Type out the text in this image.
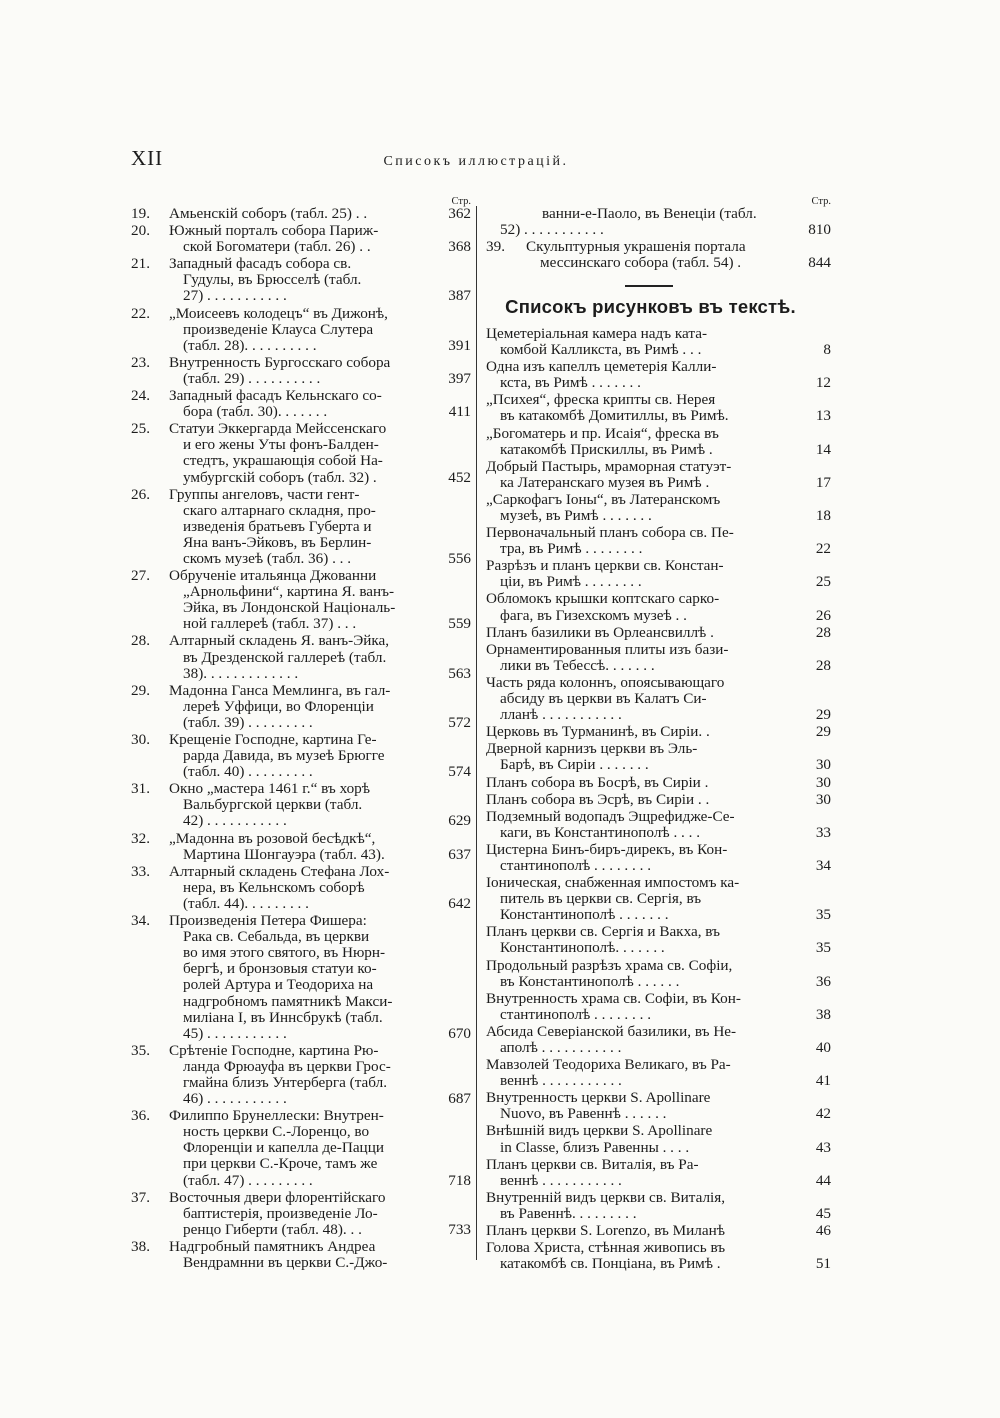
XII	Списокъ иллюстрацій.
Стр.
19.	Амьенскій соборъ (табл. 25) . .	362
20.	Южный порталъ собора Париж-
ской Богоматери (табл. 26) . .	368
21.	Западный фасадъ собора св.
Гудулы, въ Брюсселѣ (табл.
27) . . . . . . . . . . .	387
22.	„Моисеевъ колодецъ“ въ Дижонѣ,
произведеніе Клауса Слутера
(табл. 28). . . . . . . . . .	391
23.	Внутренность Бургосскаго собора
(табл. 29) . . . . . . . . . .	397
24.	Западный фасадъ Кельнскаго со-
бора (табл. 30). . . . . . .	411
25.	Статуи Эккергарда Мейссенскаго
и его жены Уты фонъ-Балден-
стедтъ, украшающія собой На-
умбургскій соборъ (табл. 32) .	452
26.	Группы ангеловъ, части гент-
скаго алтарнаго складня, про-
изведенія братьевъ Губерта и
Яна ванъ-Эйковъ, въ Берлин-
скомъ музеѣ (табл. 36) . . .	556
27.	Обрученіе итальянца Джованни
„Арнольфини“, картина Я. ванъ-
Эйка, въ Лондонской Національ-
ной галлереѣ (табл. 37) . . .	559
28.	Алтарный складень Я. ванъ-Эйка,
въ Дрезденской галлереѣ (табл.
38). . . . . . . . . . . . .	563
29.	Мадонна Ганса Мемлинга, въ гал-
лереѣ Уффици, во Флоренціи
(табл. 39) . . . . . . . . .	572
30.	Крещеніе Господне, картина Ге-
рарда Давида, въ музеѣ Брюгге
(табл. 40) . . . . . . . . .	574
31.	Окно „мастера 1461 г.“ въ хорѣ
Вальбургской церкви (табл.
42) . . . . . . . . . . .	629
32.	„Мадонна въ розовой бесѣдкѣ“,
Мартина Шонгауэра (табл. 43).	637
33.	Алтарный складень Стефана Лох-
нера, въ Кельнскомъ соборѣ
(табл. 44). . . . . . . . .	642
34.	Произведенія Петера Фишера:
Рака св. Себальда, въ церкви
во имя этого святого, въ Нюрн-
бергѣ, и бронзовыя статуи ко-
ролей Артура и Теодориха на
надгробномъ памятникѣ Макси-
миліана I, въ Иннсбрукѣ (табл.
45) . . . . . . . . . . .	670
35.	Срѣтеніе Господне, картина Рю-
ланда Фрюауфа въ церкви Грос-
гмайна близъ Унтерберга (табл.
46) . . . . . . . . . . .	687
36.	Филиппо Брунеллески: Внутрен-
ность церкви С.-Лоренцо, во
Флоренціи и капелла де-Пацци
при церкви С.-Кроче, тамъ же
(табл. 47) . . . . . . . . .	718
37.	Восточныя двери флорентійскаго
баптистерія, произведеніе Ло-
ренцо Гиберти (табл. 48). . .	733
38.	Надгробный памятникъ Андреа
Вендрамнни въ церкви С.-Джо-
Стр.
ванни-е-Паоло, въ Венеціи (табл.
52) . . . . . . . . . . .	810
39.	Скульптурныя украшенія портала
мессинскаго собора (табл. 54) .	844
Списокъ рисунковъ въ текстѣ.
Цеметеріальная камера надъ ката-
комбой Калликста, въ Римѣ . . .	8
Одна изъ капеллъ цеметерія Калли-
кста, въ Римѣ . . . . . . .	12
„Психея“, фреска крипты св. Нерея
въ катакомбѣ Домитиллы, въ Римѣ.	13
„Богоматерь и пр. Исаія“, фреска въ
катакомбѣ Прискиллы, въ Римѣ .	14
Добрый Пастырь, мраморная статуэт-
ка Латеранскаго музея въ Римѣ .	17
„Саркофагъ Іоны“, въ Латеранскомъ
музеѣ, въ Римѣ . . . . . . .	18
Первоначальный планъ собора св. Пе-
тра, въ Римѣ . . . . . . . .	22
Разрѣзъ и планъ церкви св. Констан-
ціи, въ Римѣ . . . . . . . .	25
Обломокъ крышки коптскаго сарко-
фага, въ Гизехскомъ музеѣ . .	26
Планъ базилики въ Орлеансвиллѣ .	28
Орнаментированныя плиты изъ бази-
лики въ Тебессѣ. . . . . . .	28
Часть ряда колоннъ, опоясывающаго
абсиду въ церкви въ Калатъ Си-
лланѣ . . . . . . . . . . .	29
Церковь въ Турманинѣ, въ Сиріи. .	29
Дверной карнизъ церкви въ Эль-
Барѣ, въ Сиріи . . . . . . .	30
Планъ собора въ Босрѣ, въ Сиріи .	30
Планъ собора въ Эсрѣ, въ Сиріи . .	30
Подземный водопадъ Эщрефидже-Се-
каги, въ Константинополѣ . . . .	33
Цистерна Бинъ-биръ-дирекъ, въ Кон-
стантинополѣ . . . . . . . .	34
Іоническая, снабженная импостомъ ка-
питель въ церкви св. Сергія, въ
Константинополѣ . . . . . . .	35
Планъ церкви св. Сергія и Вакха, въ
Константинополѣ. . . . . . .	35
Продольный разрѣзъ храма св. Софіи,
въ Константинополѣ . . . . . .	36
Внутренность храма св. Софіи, въ Кон-
стантинополѣ . . . . . . . .	38
Абсида Северіанской базилики, въ Не-
аполѣ . . . . . . . . . . .	40
Мавзолей Теодориха Великаго, въ Ра-
веннѣ . . . . . . . . . . .	41
Внутренность церкви S. Apollinare
Nuovo, въ Равеннѣ . . . . . .	42
Внѣшній видъ церкви S. Apollinare
in Classe, близъ Равенны . . . .	43
Планъ церкви св. Виталія, въ Ра-
веннѣ . . . . . . . . . . .	44
Внутренній видъ церкви св. Виталія,
въ Равеннѣ. . . . . . . . .	45
Планъ церкви S. Lorenzo, въ Миланѣ	46
Голова Христа, стѣнная живопись въ
катакомбѣ св. Понціана, въ Римѣ .	51
